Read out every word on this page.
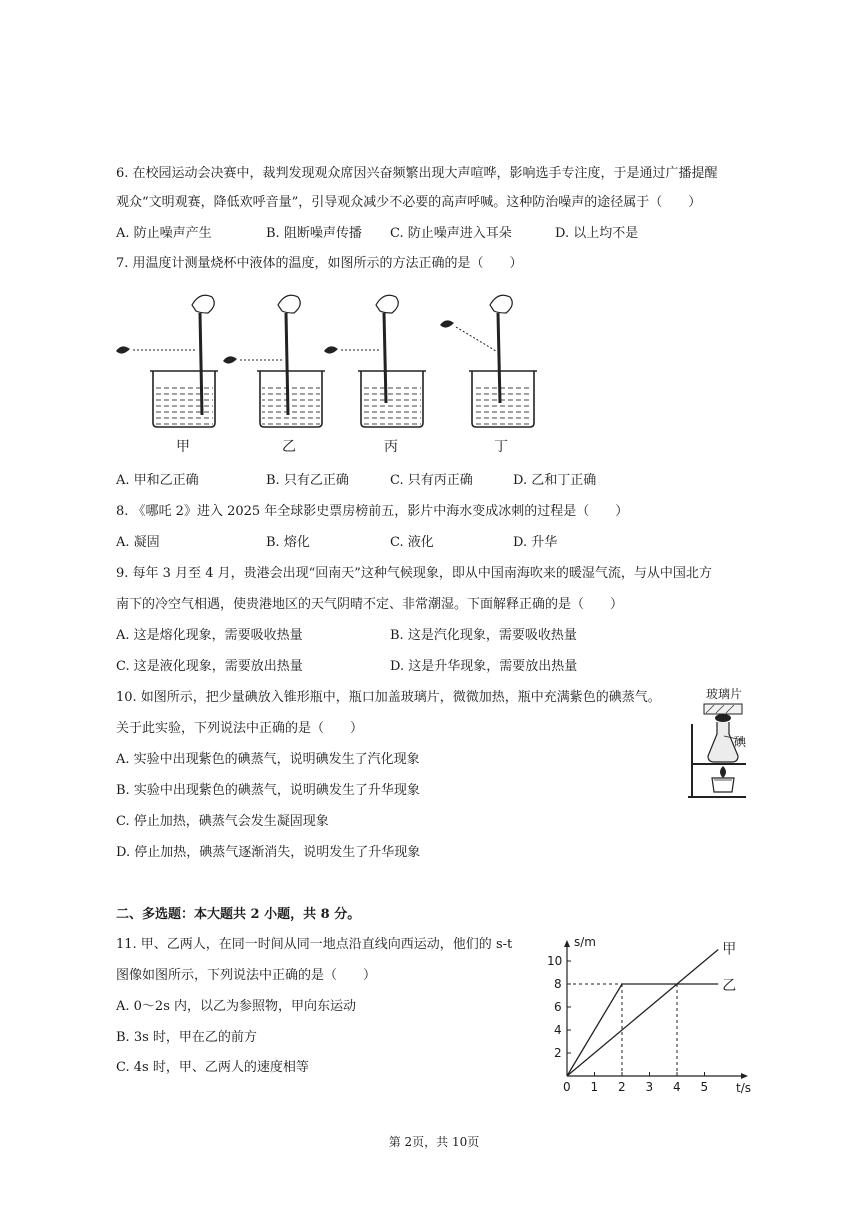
6. 在校园运动会决赛中，裁判发现观众席因兴奋频繁出现大声喧哗，影响选手专注度，于是通过广播提醒
观众“文明观赛，降低欢呼音量”，引导观众减少不必要的高声呼喊。这种防治噪声的途径属于（　　）
A. 防止噪声产生	B. 阻断噪声传播 C. 防止噪声进入耳朵	D. 以上均不是
7. 用温度计测量烧杯中液体的温度，如图所示的方法正确的是（　　）
甲	乙	丙	丁
A. 甲和乙正确	B. 只有乙正确	C. 只有丙正确	D. 乙和丁正确
8. 《哪吒 2》进入 2025 年全球影史票房榜前五，影片中海水变成冰刺的过程是（　　）
A. 凝固	B. 熔化	C. 液化	D. 升华
9. 每年 3 月至 4 月，贵港会出现“回南天”这种气候现象，即从中国南海吹来的暖湿气流，与从中国北方
南下的冷空气相遇，使贵港地区的天气阴晴不定、非常潮湿。下面解释正确的是（　　）
A. 这是熔化现象，需要吸收热量	B. 这是汽化现象，需要吸收热量
C. 这是液化现象，需要放出热量	D. 这是升华现象，需要放出热量
10. 如图所示，把少量碘放入锥形瓶中，瓶口加盖玻璃片，微微加热，瓶中充满紫色的碘蒸气。
关于此实验，下列说法中正确的是（　　）
A. 实验中出现紫色的碘蒸气，说明碘发生了汽化现象
B. 实验中出现紫色的碘蒸气，说明碘发生了升华现象
C. 停止加热，碘蒸气会发生凝固现象
D. 停止加热，碘蒸气逐渐消失，说明发生了升华现象
玻璃片
碘
二、多选题：本大题共 2 小题，共 8 分。
11. 甲、乙两人，在同一时间从同一地点沿直线向西运动，他们的 s-t
图像如图所示，下列说法中正确的是（　　）
A. 0～2s 内，以乙为参照物，甲向东运动
B. 3s 时，甲在乙的前方
C. 4s 时，甲、乙两人的速度相等
s/m
t/s
0 1 2 3 4 5
2
4
6
8
10
甲
乙
第 2页，共 10页
